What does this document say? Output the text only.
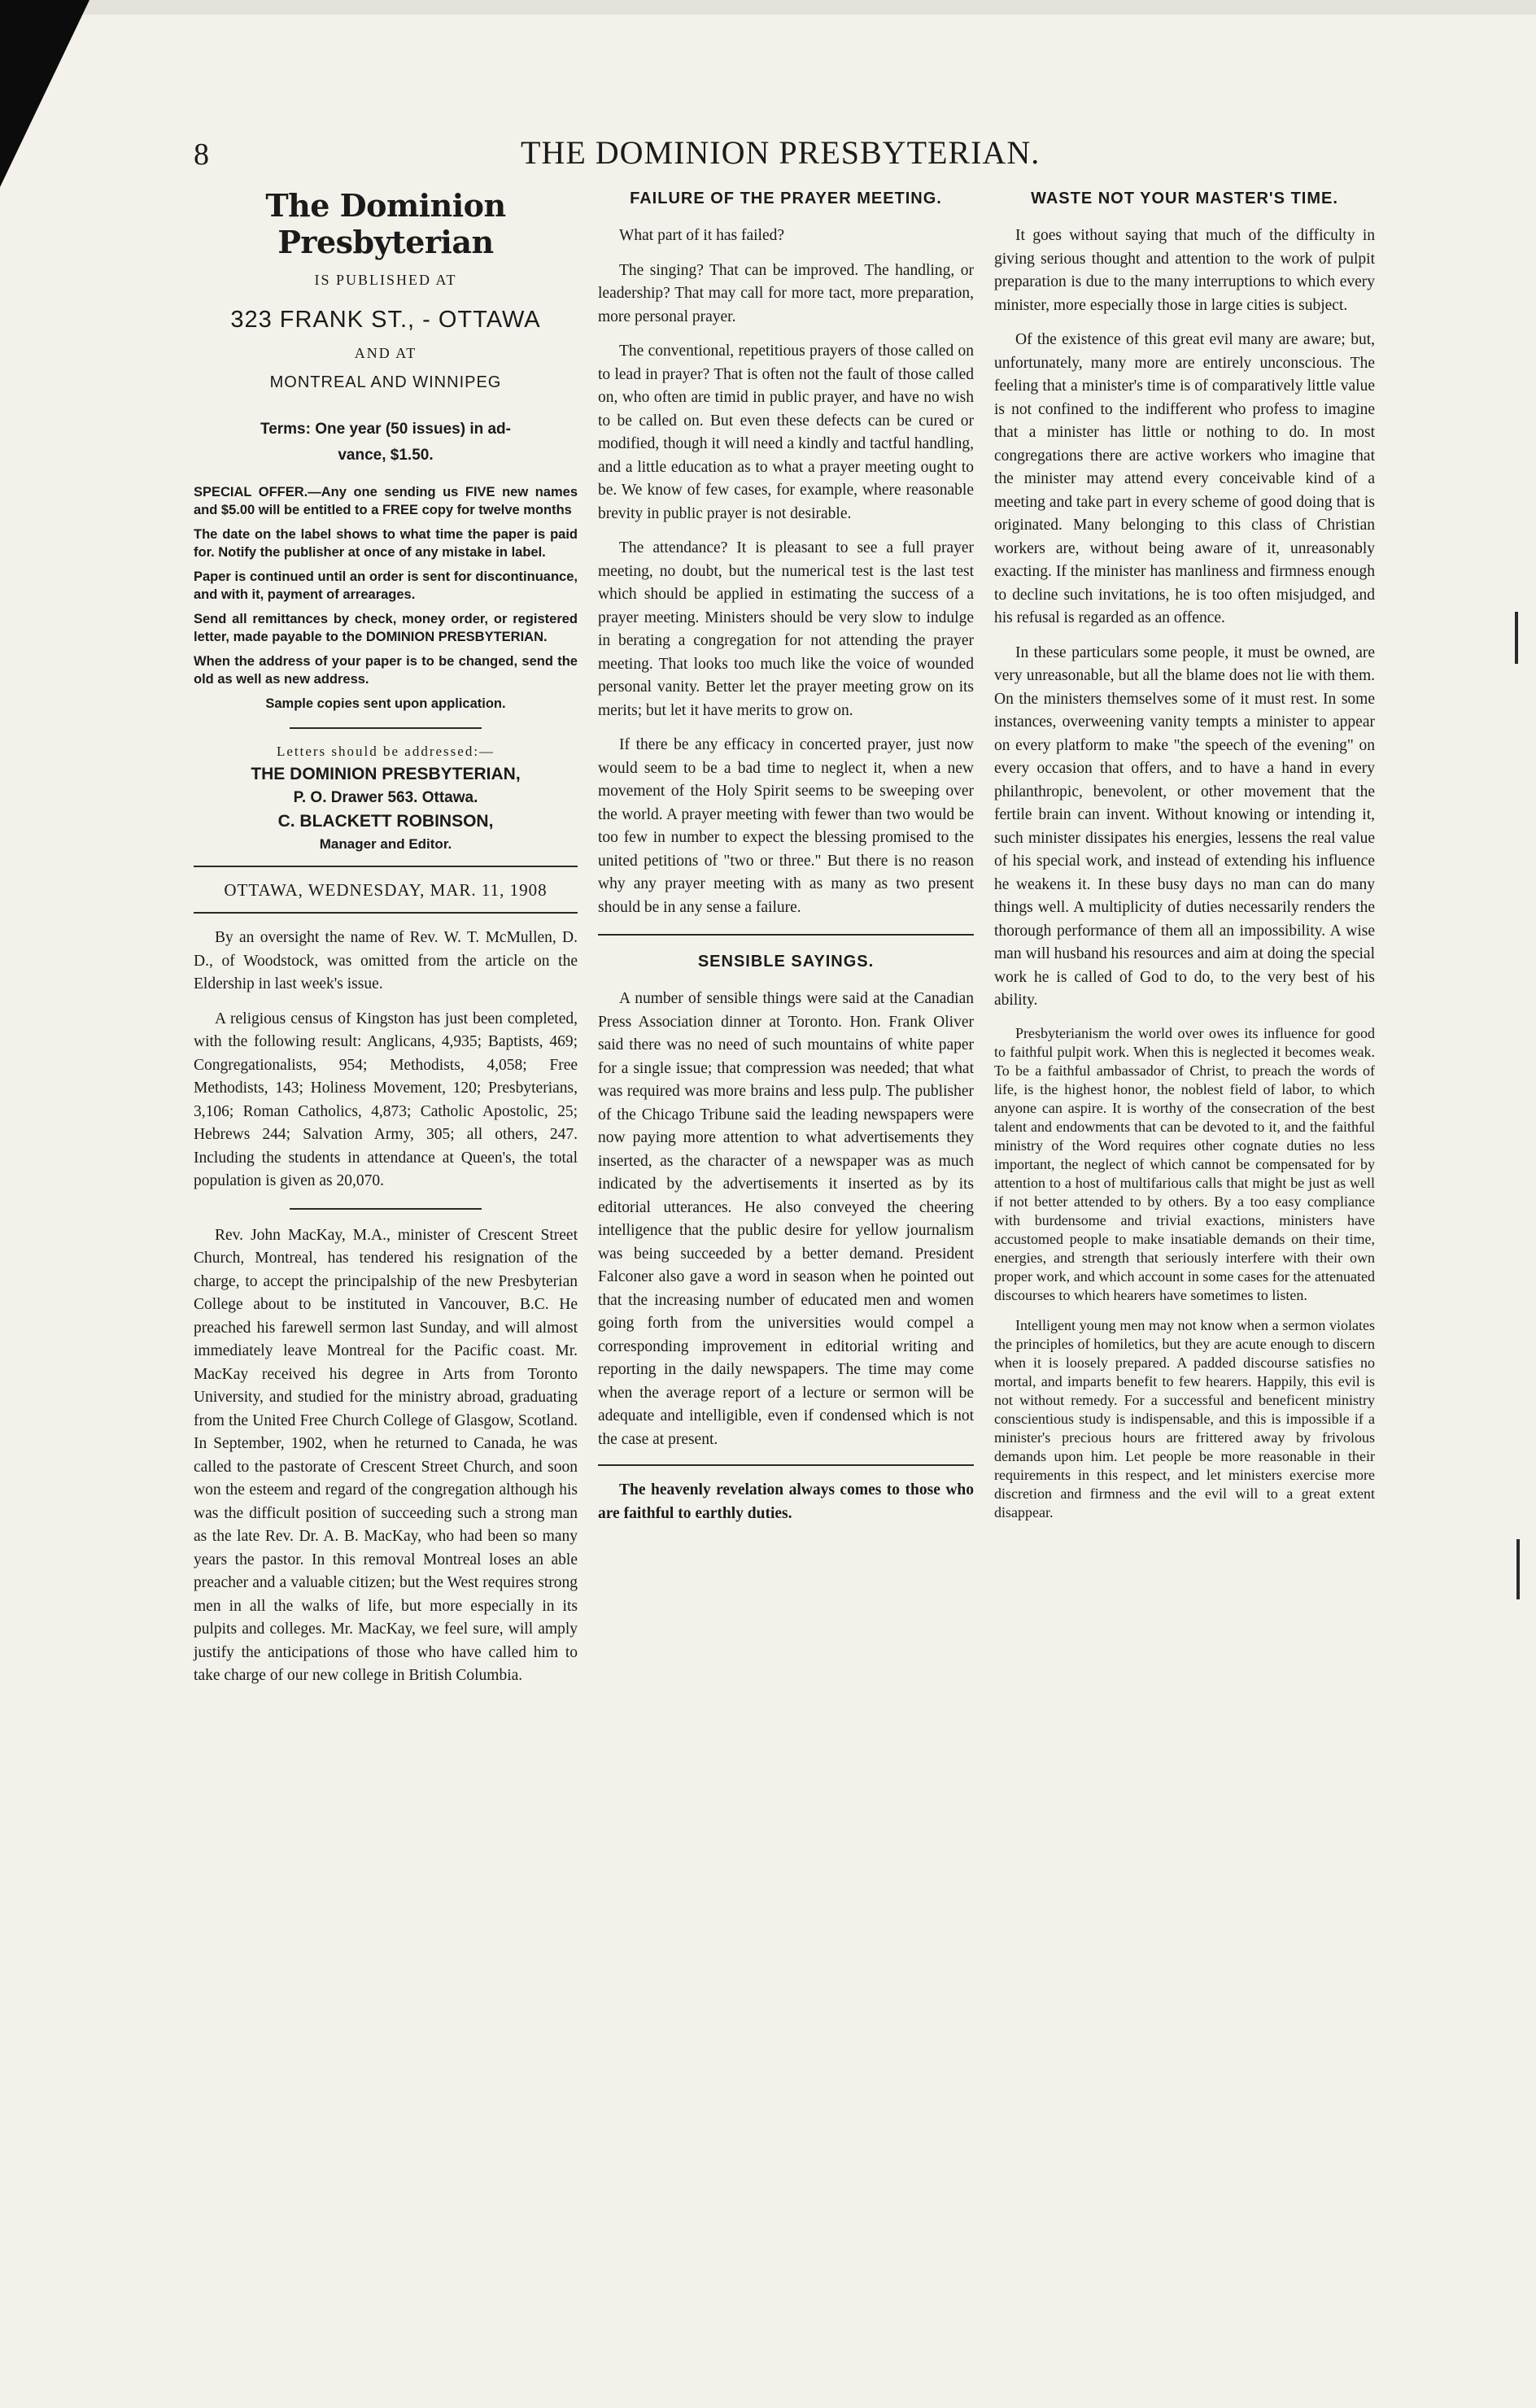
8	THE DOMINION PRESBYTERIAN.
The Dominion Presbyterian
IS PUBLISHED AT
323 FRANK ST., - OTTAWA
AND AT
MONTREAL AND WINNIPEG
Terms: One year (50 issues) in ad-
vance, $1.50.

SPECIAL OFFER.—Any one sending us FIVE new names and $5.00 will be entitled to a FREE copy for twelve months

The date on the label shows to what time the paper is paid for. Notify the publisher at once of any mistake in label.

Paper is continued until an order is sent for discontinuance, and with it, payment of arrearages.

Send all remittances by check, money order, or registered letter, made payable to the DOMINION PRESBYTERIAN.

When the address of your paper is to be changed, send the old as well as new address.

Sample copies sent upon application.

Letters should be addressed:—
THE DOMINION PRESBYTERIAN,
P. O. Drawer 563. Ottawa.
C. BLACKETT ROBINSON,
Manager and Editor.
OTTAWA, WEDNESDAY, MAR. 11, 1908

By an oversight the name of Rev. W. T. McMullen, D. D., of Woodstock, was omitted from the article on the Eldership in last week's issue.

A religious census of Kingston has just been completed, with the following result: Anglicans, 4,935; Baptists, 469; Congregationalists, 954; Methodists, 4,058; Free Methodists, 143; Holiness Movement, 120; Presbyterians, 3,106; Roman Catholics, 4,873; Catholic Apostolic, 25; Hebrews 244; Salvation Army, 305; all others, 247. Including the students in attendance at Queen's, the total population is given as 20,070.

Rev. John MacKay, M.A., minister of Crescent Street Church, Montreal, has tendered his resignation of the charge, to accept the principalship of the new Presbyterian College about to be instituted in Vancouver, B.C. He preached his farewell sermon last Sunday, and will almost immediately leave Montreal for the Pacific coast. Mr. MacKay received his degree in Arts from Toronto University, and studied for the ministry abroad, graduating from the United Free Church College of Glasgow, Scotland. In September, 1902, when he returned to Canada, he was called to the pastorate of Crescent Street Church, and soon won the esteem and regard of the congregation although his was the difficult position of succeeding such a strong man as the late Rev. Dr. A. B. MacKay, who had been so many years the pastor. In this removal Montreal loses an able preacher and a valuable citizen; but the West requires strong men in all the walks of life, but more especially in its pulpits and colleges. Mr. MacKay, we feel sure, will amply justify the anticipations of those who have called him to take charge of our new college in British Columbia.

FAILURE OF THE PRAYER MEETING.

What part of it has failed?

The singing? That can be improved. The handling, or leadership? That may call for more tact, more preparation, more personal prayer.

The conventional, repetitious prayers of those called on to lead in prayer? That is often not the fault of those called on, who often are timid in public prayer, and have no wish to be called on. But even these defects can be cured or modified, though it will need a kindly and tactful handling, and a little education as to what a prayer meeting ought to be. We know of few cases, for example, where reasonable brevity in public prayer is not desirable.

The attendance? It is pleasant to see a full prayer meeting, no doubt, but the numerical test is the last test which should be applied in estimating the success of a prayer meeting. Ministers should be very slow to indulge in berating a congregation for not attending the prayer meeting. That looks too much like the voice of wounded personal vanity. Better let the prayer meeting grow on its merits; but let it have merits to grow on.

If there be any efficacy in concerted prayer, just now would seem to be a bad time to neglect it, when a new movement of the Holy Spirit seems to be sweeping over the world. A prayer meeting with fewer than two would be too few in number to expect the blessing promised to the united petitions of "two or three." But there is no reason why any prayer meeting with as many as two present should be in any sense a failure.

SENSIBLE SAYINGS.

A number of sensible things were said at the Canadian Press Association dinner at Toronto. Hon. Frank Oliver said there was no need of such mountains of white paper for a single issue; that compression was needed; that what was required was more brains and less pulp. The publisher of the Chicago Tribune said the leading newspapers were now paying more attention to what advertisements they inserted, as the character of a newspaper was as much indicated by the advertisements it inserted as by its editorial utterances. He also conveyed the cheering intelligence that the public desire for yellow journalism was being succeeded by a better demand. President Falconer also gave a word in season when he pointed out that the increasing number of educated men and women going forth from the universities would compel a corresponding improvement in editorial writing and reporting in the daily newspapers. The time may come when the average report of a lecture or sermon will be adequate and intelligible, even if condensed which is not the case at present.

The heavenly revelation always comes to those who are faithful to earthly duties.

WASTE NOT YOUR MASTER'S TIME.

It goes without saying that much of the difficulty in giving serious thought and attention to the work of pulpit preparation is due to the many interruptions to which every minister, more especially those in large cities is subject.

Of the existence of this great evil many are aware; but, unfortunately, many more are entirely unconscious. The feeling that a minister's time is of comparatively little value is not confined to the indifferent who profess to imagine that a minister has little or nothing to do. In most congregations there are active workers who imagine that the minister may attend every conceivable kind of a meeting and take part in every scheme of good doing that is originated. Many belonging to this class of Christian workers are, without being aware of it, unreasonably exacting. If the minister has manliness and firmness enough to decline such invitations, he is too often misjudged, and his refusal is regarded as an offence.

In these particulars some people, it must be owned, are very unreasonable, but all the blame does not lie with them. On the ministers themselves some of it must rest. In some instances, overweening vanity tempts a minister to appear on every platform to make "the speech of the evening" on every occasion that offers, and to have a hand in every philanthropic, benevolent, or other movement that the fertile brain can invent. Without knowing or intending it, such minister dissipates his energies, lessens the real value of his special work, and instead of extending his influence he weakens it. In these busy days no man can do many things well. A multiplicity of duties necessarily renders the thorough performance of them all an impossibility. A wise man will husband his resources and aim at doing the special work he is called of God to do, to the very best of his ability.

Presbyterianism the world over owes its influence for good to faithful pulpit work. When this is neglected it becomes weak. To be a faithful ambassador of Christ, to preach the words of life, is the highest honor, the noblest field of labor, to which anyone can aspire. It is worthy of the consecration of the best talent and endowments that can be devoted to it, and the faithful ministry of the Word requires other cognate duties no less important, the neglect of which cannot be compensated for by attention to a host of multifarious calls that might be just as well if not better attended to by others. By a too easy compliance with burdensome and trivial exactions, ministers have accustomed people to make insatiable demands on their time, energies, and strength that seriously interfere with their own proper work, and which account in some cases for the attenuated discourses to which hearers have sometimes to listen.

Intelligent young men may not know when a sermon violates the principles of homiletics, but they are acute enough to discern when it is loosely prepared. A padded discourse satisfies no mortal, and imparts benefit to few hearers. Happily, this evil is not without remedy. For a successful and beneficent ministry conscientious study is indispensable, and this is impossible if a minister's precious hours are frittered away by frivolous demands upon him. Let people be more reasonable in their requirements in this respect, and let ministers exercise more discretion and firmness and the evil will to a great extent disappear.
